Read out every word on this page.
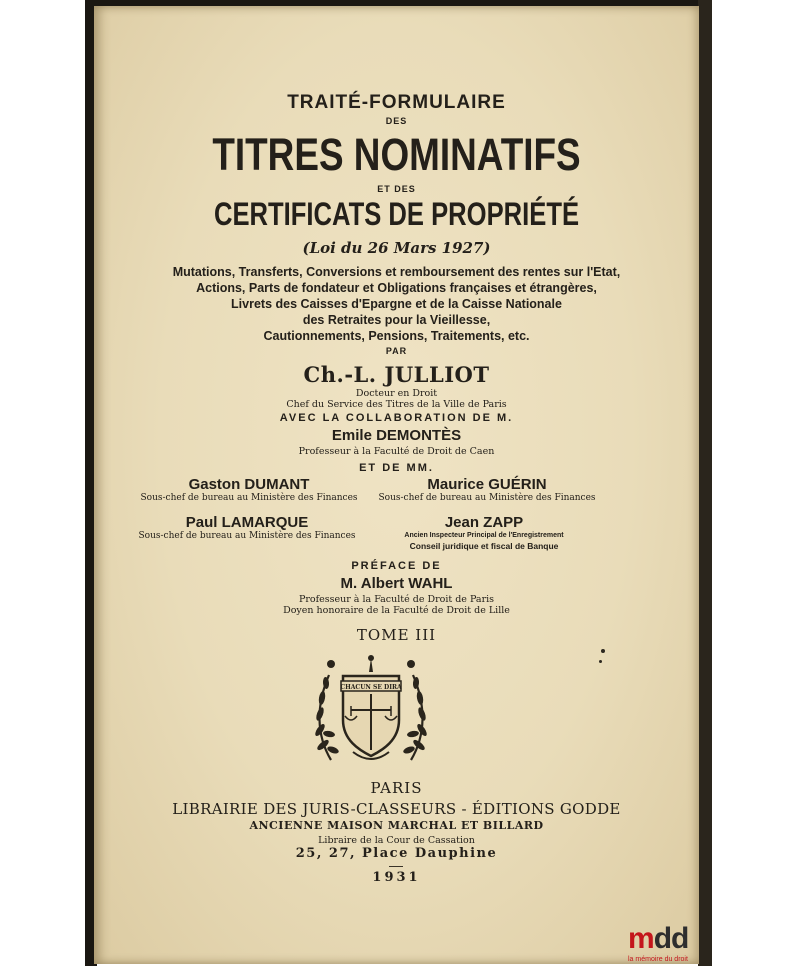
TRAITÉ-FORMULAIRE
DES
TITRES NOMINATIFS
ET DES
CERTIFICATS DE PROPRIÉTÉ
(Loi du 26 Mars 1927)
Mutations, Transferts, Conversions et remboursement des rentes sur l'Etat,
Actions, Parts de fondateur et Obligations françaises et étrangères,
Livrets des Caisses d'Epargne et de la Caisse Nationale
des Retraites pour la Vieillesse,
Cautionnements, Pensions, Traitements, etc.
PAR
Ch.-L. JULLIOT
Docteur en Droit
Chef du Service des Titres de la Ville de Paris
AVEC LA COLLABORATION DE M.
Emile DEMONTÈS
Professeur à la Faculté de Droit de Caen
ET DE MM.
Gaston DUMANT
Sous-chef de bureau au Ministère des Finances
Maurice GUÉRIN
Sous-chef de bureau au Ministère des Finances
Paul LAMARQUE
Sous-chef de bureau au Ministère des Finances
Jean ZAPP
Ancien Inspecteur Principal de l'Enregistrement
Conseil juridique et fiscal de Banque
PRÉFACE DE
M. Albert WAHL
Professeur à la Faculté de Droit de Paris
Doyen honoraire de la Faculté de Droit de Lille
TOME III
CHACUN SE DIRA
PARIS
LIBRAIRIE DES JURIS-CLASSEURS - ÉDITIONS GODDE
ANCIENNE MAISON MARCHAL ET BILLARD
Libraire de la Cour de Cassation
25, 27, Place Dauphine
1931
mdd
la mémoire du droit
